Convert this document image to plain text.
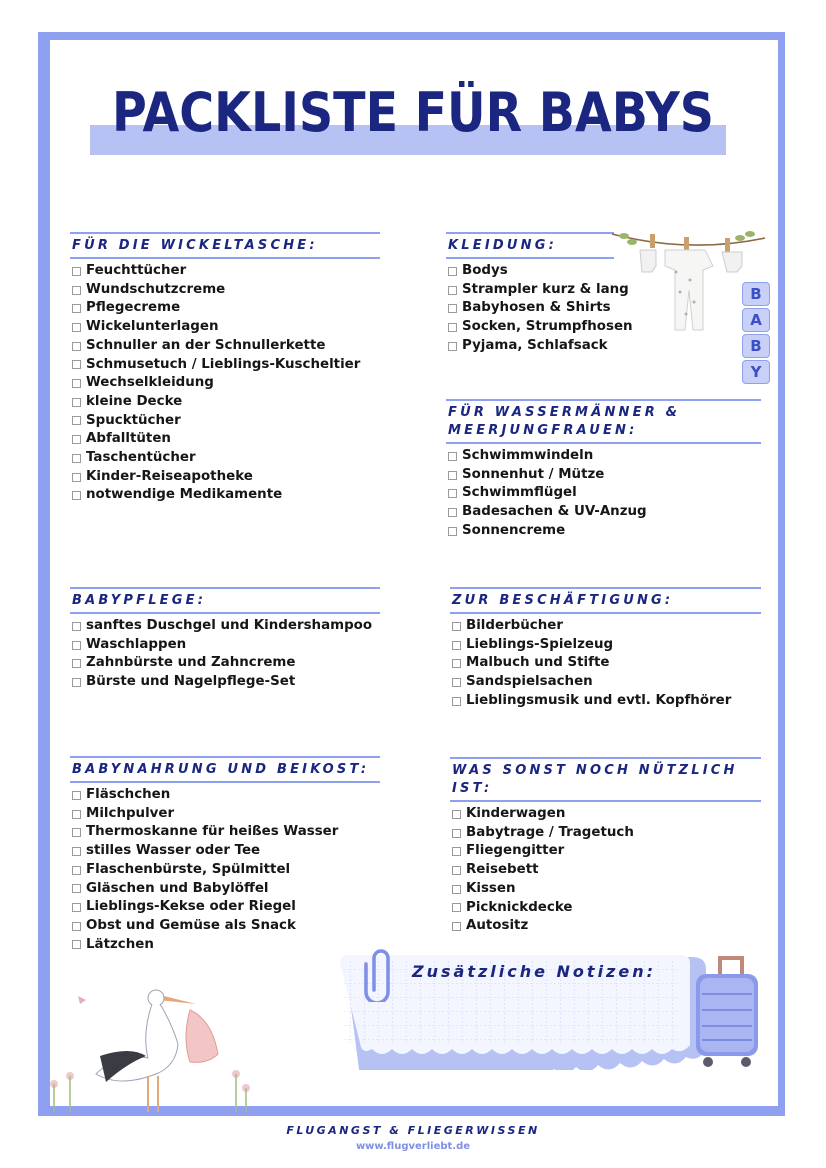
PACKLISTE FÜR BABYS
FÜR DIE WICKELTASCHE:
Feuchttücher
Wundschutzcreme
Pflegecreme
Wickelunterlagen
Schnuller an der Schnullerkette
Schmusetuch / Lieblings-Kuscheltier
Wechselkleidung
kleine Decke
Spucktücher
Abfalltüten
Taschentücher
Kinder-Reiseapotheke
notwendige Medikamente
KLEIDUNG:
Bodys
Strampler kurz & lang
Babyhosen & Shirts
Socken, Strumpfhosen
Pyjama, Schlafsack
FÜR WASSERMÄNNER &
MEERJUNGFRAUEN:
Schwimmwindeln
Sonnenhut / Mütze
Schwimmflügel
Badesachen & UV-Anzug
Sonnencreme
BABYPFLEGE:
sanftes Duschgel und Kindershampoo
Waschlappen
Zahnbürste und Zahncreme
Bürste und Nagelpflege-Set
ZUR BESCHÄFTIGUNG:
Bilderbücher
Lieblings-Spielzeug
Malbuch und Stifte
Sandspielsachen
Lieblingsmusik und evtl. Kopfhörer
BABYNAHRUNG UND BEIKOST:
Fläschchen
Milchpulver
Thermoskanne für heißes Wasser
stilles Wasser oder Tee
Flaschenbürste, Spülmittel
Gläschen und Babylöffel
Lieblings-Kekse oder Riegel
Obst und Gemüse als Snack
Lätzchen
WAS SONST NOCH NÜTZLICH IST:
Kinderwagen
Babytrage / Tragetuch
Fliegengitter
Reisebett
Kissen
Picknickdecke
Autositz
B
A
B
Y
Zusätzliche Notizen:
FLUGANGST & FLIEGERWISSEN
www.flugverliebt.de
